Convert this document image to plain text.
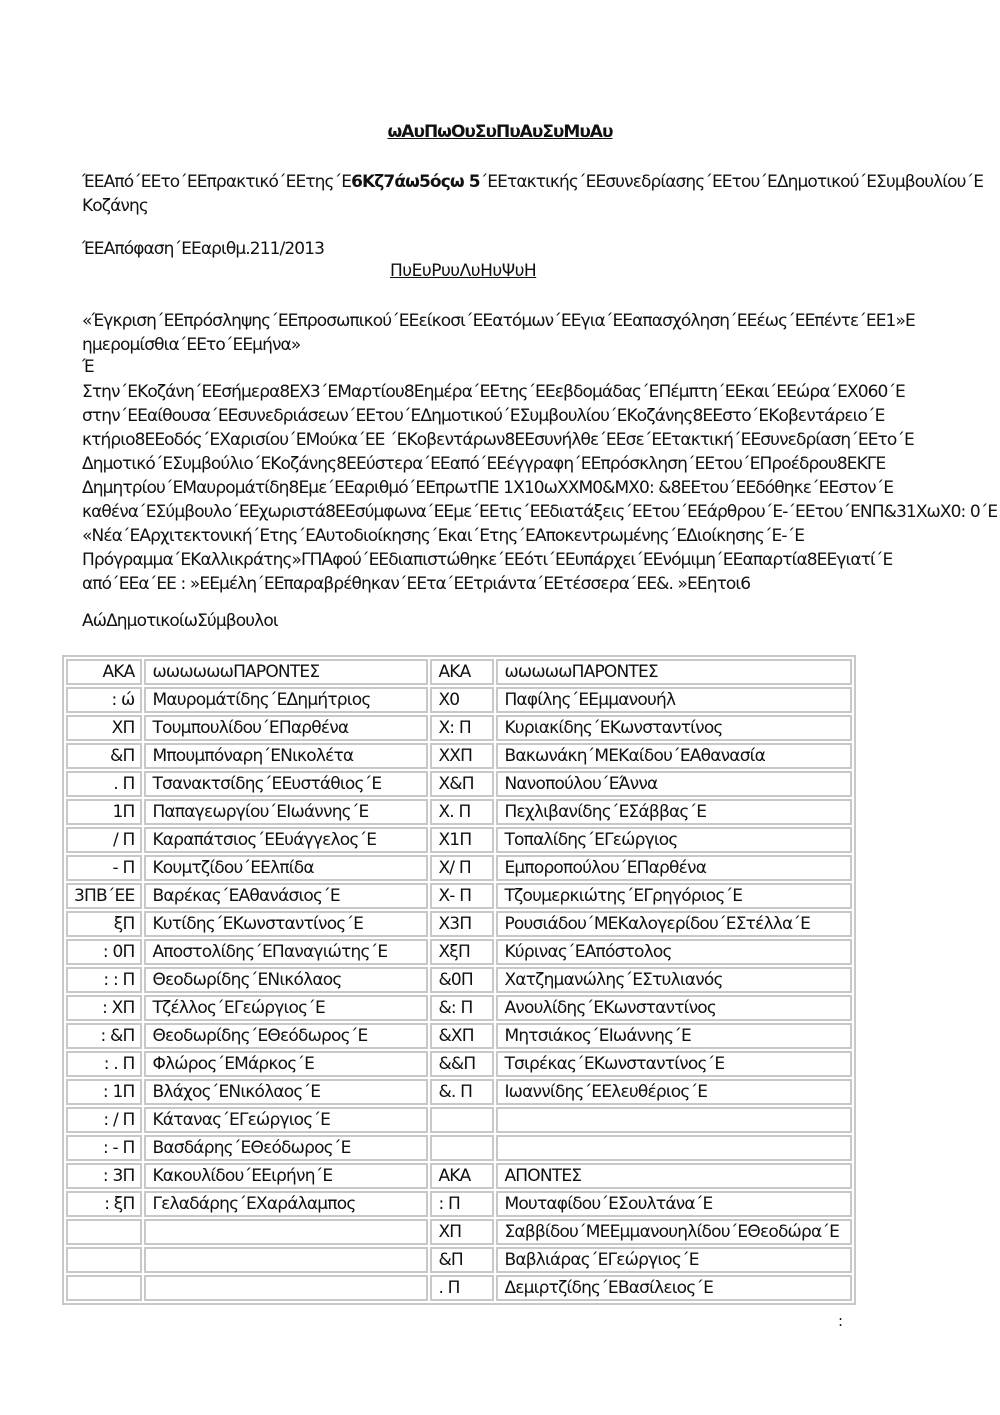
ωΑυΠωΟυΣυΠυΑυΣυΜυΑυ
ΈΕΑπό΄ΕΕτο΄ΕΕπρακτικό΄ΕΕτης΄Ε6Κζ7άω5όςω 5΄ΕΕτακτικής΄ΕΕσυνεδρίασης΄ΕΕτου΄ΕΔημοτικού΄ΕΣυμβουλίου΄Ε
Κοζάνης
ΈΕΑπόφαση΄ΕΕαριθμ.211/2013
ΠυΕυΡυυΛυΗυΨυΗ
«Έγκριση΄ΕΕπρόσληψης΄ΕΕπροσωπικού΄ΕΕείκοσι΄ΕΕατόμων΄ΕΕγια΄ΕΕαπασχόληση΄ΕΕέως΄ΕΕπέντε΄ΕΕ1»Ε
ημερομίσθια΄ΕΕτο΄ΕΕμήνα»
Έ
Στην΄ΕΚοζάνη΄ΕΕσήμερα8ΕΧ3΄ΕΜαρτίου8Εημέρα΄ΕΕτης΄ΕΕεβδομάδας΄ΕΠέμπτη΄ΕΕκαι΄ΕΕώρα΄ΕΧ060΄Ε
στην΄ΕΕαίθουσα΄ΕΕσυνεδριάσεων΄ΕΕτου΄ΕΔημοτικού΄ΕΣυμβουλίου΄ΕΚοζάνης8ΕΕστο΄ΕΚοβεντάρειο΄Ε
κτήριο8ΕΕοδός΄ΕΧαρισίου΄ΕΜούκα΄ΕΕ ΄ΕΚοβεντάρων8ΕΕσυνήλθε΄ΕΕσε΄ΕΕτακτική΄ΕΕσυνεδρίαση΄ΕΕτο΄Ε
Δημοτικό΄ΕΣυμβούλιο΄ΕΚοζάνης8ΕΕύστερα΄ΕΕαπό΄ΕΕέγγραφη΄ΕΕπρόσκληση΄ΕΕτου΄ΕΠροέδρου8ΕΚΓΕ
Δημητρίου΄ΕΜαυρομάτίδη8Εμε΄ΕΕαριθμό΄ΕΕπρωτΠΕ 1Χ10ωΧΧΜ0&ΜΧ0: &8ΕΕτου΄ΕΕδόθηκε΄ΕΕστον΄Ε
καθένα΄ΕΣύμβουλο΄ΕΕχωριστά8ΕΕσύμφωνα΄ΕΕμε΄ΕΕτις΄ΕΕδιατάξεις΄ΕΕτου΄ΕΕάρθρου΄Ε-΄ΕΕτου΄ΕΝΠ&31ΧωΧ0: 0΄Ε
«Νέα΄ΕΑρχιτεκτονική΄Ετης΄ΕΑυτοδιοίκησης΄Εκαι΄Ετης΄ΕΑποκεντρωμένης΄ΕΔιοίκησης΄Ε-΄Ε
Πρόγραμμα΄ΕΚαλλικράτης»ΓΠΑφού΄ΕΕδιαπιστώθηκε΄ΕΕότι΄ΕΕυπάρχει΄ΕΕνόμιμη΄ΕΕαπαρτία8ΕΕγιατί΄Ε
από΄ΕΕα΄ΕΕ : »ΕΕμέλη΄ΕΕπαραβρέθηκαν΄ΕΕτα΄ΕΕτριάντα΄ΕΕτέσσερα΄ΕΕ&. »ΕΕητοι6
ΑώΔημοτικοίωΣύμβουλοι
ΑΚΑ	ωωωωωωΠΑΡΟΝΤΕΣ	ΑΚΑ	ωωωωωΠΑΡΟΝΤΕΣ
: ώ	Μαυρομάτίδης΄ΕΔημήτριος	Χ0	Παφίλης΄ΕΕμμανουήλ
ΧΠ	Τουμπουλίδου΄ΕΠαρθένα	Χ: Π	Κυριακίδης΄ΕΚωνσταντίνος
&Π	Μπουμπόναρη΄ΕΝικολέτα	ΧΧΠ	Βακωνάκη΄ΜΕΚαίδου΄ΕΑθανασία
. Π	Τσανακτσίδης΄ΕΕυστάθιος΄Ε	Χ&Π	Νανοπούλου΄ΕΆννα
1Π	Παπαγεωργίου΄ΕΙωάννης΄Ε	Χ. Π	Πεχλιβανίδης΄ΕΣάββας΄Ε
/ Π	Καραπάτσιος΄ΕΕυάγγελος΄Ε	Χ1Π	Τοπαλίδης΄ΕΓεώργιος
- Π	Κουμτζίδου΄ΕΕλπίδα	Χ/ Π	Εμποροπούλου΄ΕΠαρθένα
3ΠΒ΄ΕΕ	Βαρέκας΄ΕΑθανάσιος΄Ε	Χ- Π	Τζουμερκιώτης΄ΕΓρηγόριος΄Ε
ξΠ	Κυτίδης΄ΕΚωνσταντίνος΄Ε	Χ3Π	Ρουσιάδου΄ΜΕΚαλογερίδου΄ΕΣτέλλα΄Ε
: 0Π	Αποστολίδης΄ΕΠαναγιώτης΄Ε	ΧξΠ	Κύρινας΄ΕΑπόστολος
: : Π	Θεοδωρίδης΄ΕΝικόλαος	&0Π	Χατζημανώλης΄ΕΣτυλιανός
: ΧΠ	Τζέλλος΄ΕΓεώργιος΄Ε	&: Π	Ανουλίδης΄ΕΚωνσταντίνος
: &Π	Θεοδωρίδης΄ΕΘεόδωρος΄Ε	&ΧΠ	Μητσιάκος΄ΕΙωάννης΄Ε
: . Π	Φλώρος΄ΕΜάρκος΄Ε	&&Π	Τσιρέκας΄ΕΚωνσταντίνος΄Ε
: 1Π	Βλάχος΄ΕΝικόλαος΄Ε	&. Π	Ιωαννίδης΄ΕΕλευθέριος΄Ε
: / Π	Κάτανας΄ΕΓεώργιος΄Ε		
: - Π	Βασδάρης΄ΕΘεόδωρος΄Ε		
: 3Π	Κακουλίδου΄ΕΕιρήνη΄Ε	ΑΚΑ	ΑΠΟΝΤΕΣ
: ξΠ	Γελαδάρης΄ΕΧαράλαμπος	: Π	Μουταφίδου΄ΕΣουλτάνα΄Ε
		ΧΠ	Σαββίδου΄ΜΕΕμμανουηλίδου΄ΕΘεοδώρα΄Ε
		&Π	Βαβλιάρας΄ΕΓεώργιος΄Ε
		. Π	Δεμιρτζίδης΄ΕΒασίλειος΄Ε
:
